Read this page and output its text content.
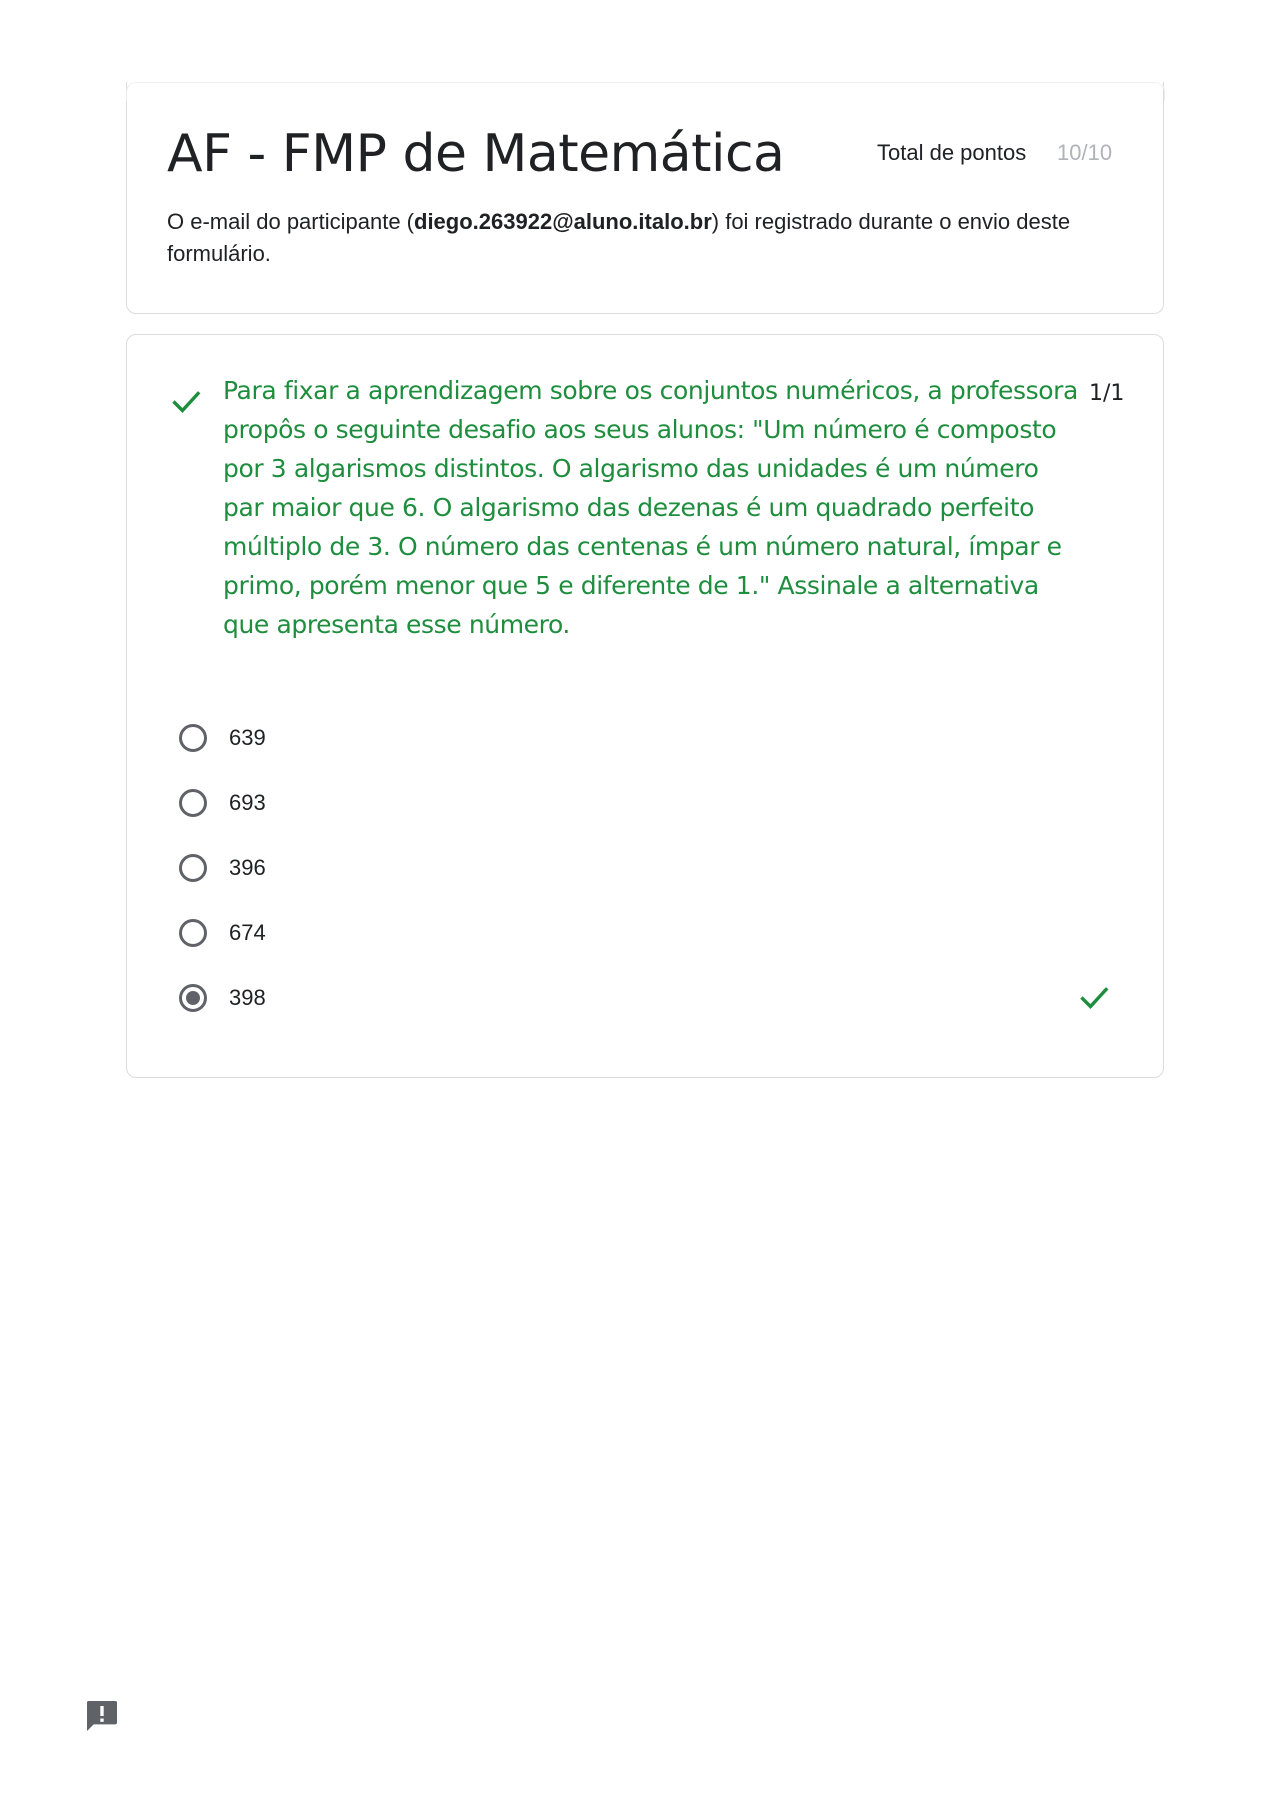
AF - FMP de Matemática	Total de pontos 10/10
O e-mail do participante (diego.263922@aluno.italo.br) foi registrado durante o envio deste formulário.
Para fixar a aprendizagem sobre os conjuntos numéricos, a professora propôs o seguinte desafio aos seus alunos: "Um número é composto por 3 algarismos distintos. O algarismo das unidades é um número par maior que 6. O algarismo das dezenas é um quadrado perfeito múltiplo de 3. O número das centenas é um número natural, ímpar e primo, porém menor que 5 e diferente de 1." Assinale a alternativa que apresenta esse número.
1/1
639
693
396
674
398
